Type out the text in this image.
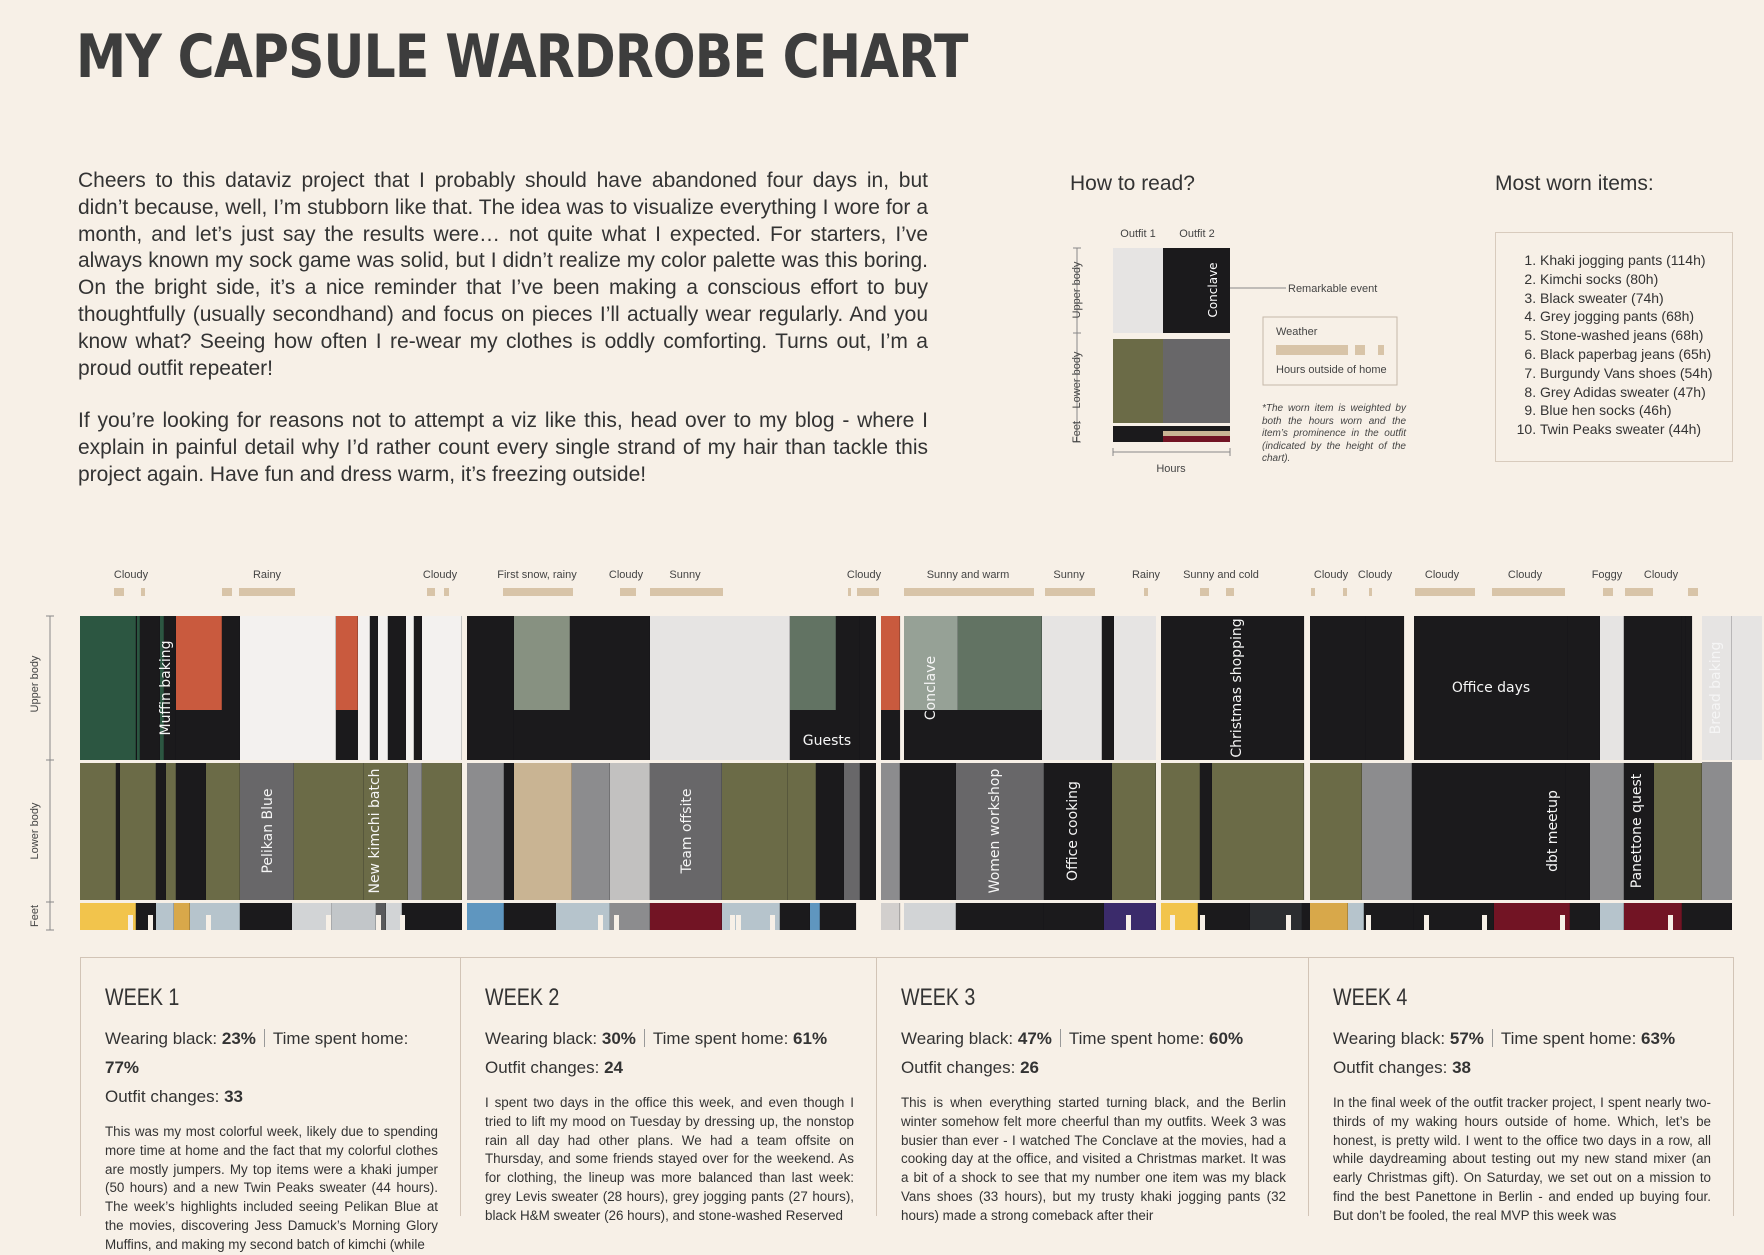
MY CAPSULE WARDROBE CHART

Cheers to this dataviz project that I probably should have abandoned four days in, but didn’t because, well, I’m stubborn like that. The idea was to visualize everything I wore for a month, and let’s just say the results were… not quite what I expected. For starters, I’ve always known my sock game was solid, but I didn’t realize my color palette was this boring. On the bright side, it’s a nice reminder that I’ve been making a conscious effort to buy thoughtfully (usually secondhand) and focus on pieces I’ll actually wear regularly. And you know what? Seeing how often I re-wear my clothes is oddly comforting. Turns out, I’m a proud outfit repeater!

If you’re looking for reasons not to attempt a viz like this, head over to my blog - where I explain in painful detail why I’d rather count every single strand of my hair than tackle this project again. Have fun and dress warm, it’s freezing outside!

How to read?
Outfit 1 Outfit 2
Upper body
Lower body
Feet
Conclave	Remarkable event
Hours
Weather
Hours outside of home
*The worn item is weighted by both the hours worn and the item’s prominence in the outfit (indicated by the height of the chart).
Most worn items:
1. Khaki jogging pants (114h)
2. Kimchi socks (80h)
3. Black sweater (74h)
4. Grey jogging pants (68h)
5. Stone-washed jeans (68h)
6. Black paperbag jeans (65h)
7. Burgundy Vans shoes (54h)
8. Grey Adidas sweater (47h)
9. Blue hen socks (46h)
10. Twin Peaks sweater (44h)
Cloudy	Rainy	Cloudy	First snow, rainy	Cloudy Sunny	Cloudy	Sunny and warm	Sunny	Rainy Sunny and cold	Cloudy Cloudy	Cloudy	Cloudy	Foggy Cloudy
Upper body
Lower body
Feet
Muffin baking
Guests
Conclave	Christmas shopping	Office days	Bread baking
Pelikan Blue	New kimchi batch	Team offsite	Women workshop	Office cooking	dbt meetup	Panettone quest
WEEK 1
Wearing black: 23% Time spent home: 77%
Outfit changes: 33
This was my most colorful week, likely due to spending more time at home and the fact that my colorful clothes are mostly jumpers. My top items were a khaki jumper (50 hours) and a new Twin Peaks sweater (44 hours). The week’s highlights included seeing Pelikan Blue at the movies, discovering Jess Damuck’s Morning Glory Muffins, and making my second batch of kimchi (while
WEEK 2
Wearing black: 30% Time spent home: 61%
Outfit changes: 24
I spent two days in the office this week, and even though I tried to lift my mood on Tuesday by dressing up, the nonstop rain all day had other plans. We had a team offsite on Thursday, and some friends stayed over for the weekend. As for clothing, the lineup was more balanced than last week: grey Levis sweater (28 hours), grey jogging pants (27 hours), black H&M sweater (26 hours), and stone-washed Reserved
WEEK 3
Wearing black: 47% Time spent home: 60%
Outfit changes: 26
This is when everything started turning black, and the Berlin winter somehow felt more cheerful than my outfits. Week 3 was busier than ever - I watched The Conclave at the movies, had a cooking day at the office, and visited a Christmas market. It was a bit of a shock to see that my number one item was my black Vans shoes (33 hours), but my trusty khaki jogging pants (32 hours) made a strong comeback after their
WEEK 4
Wearing black: 57% Time spent home: 63%
Outfit changes: 38
In the final week of the outfit tracker project, I spent nearly two-thirds of my waking hours outside of home. Which, let’s be honest, is pretty wild. I went to the office two days in a row, all while daydreaming about testing out my new stand mixer (an early Christmas gift). On Saturday, we set out on a mission to find the best Panettone in Berlin - and ended up buying four. But don’t be fooled, the real MVP this week was
